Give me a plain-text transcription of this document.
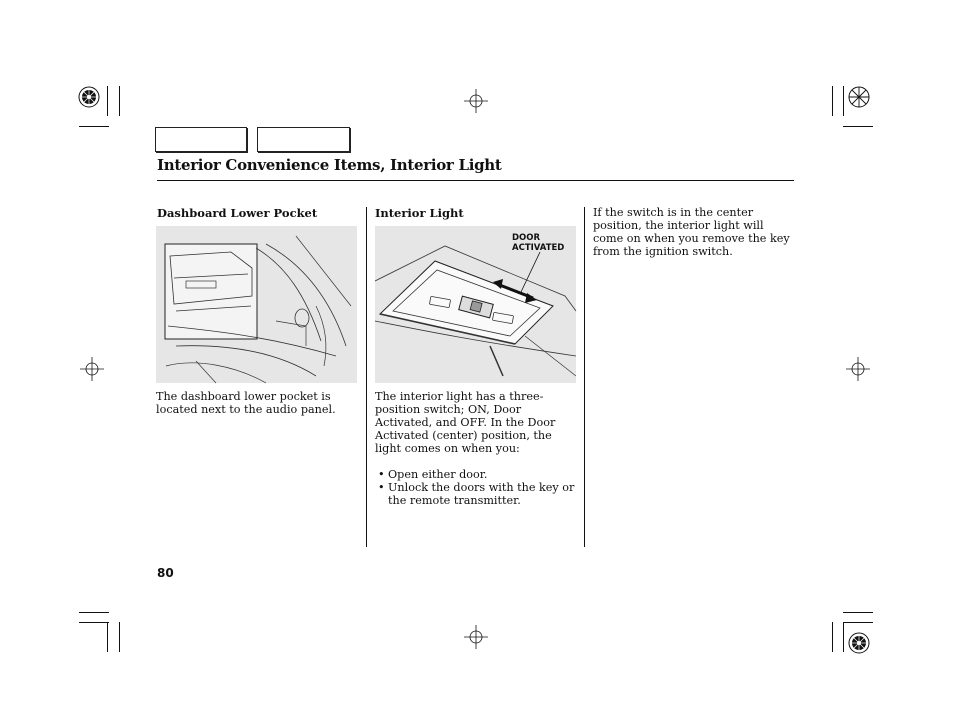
Interior Convenience Items, Interior Light
Dashboard Lower Pocket

The dashboard lower pocket is located next to the audio panel.

Interior Light
DOOR ACTIVATED

The interior light has a three-position switch; ON, Door Activated, and OFF. In the Door Activated (center) position, the light comes on when you:

• Open either door.
• Unlock the doors with the key or the remote transmitter.

If the switch is in the center position, the interior light will come on when you remove the key from the ignition switch.

80
